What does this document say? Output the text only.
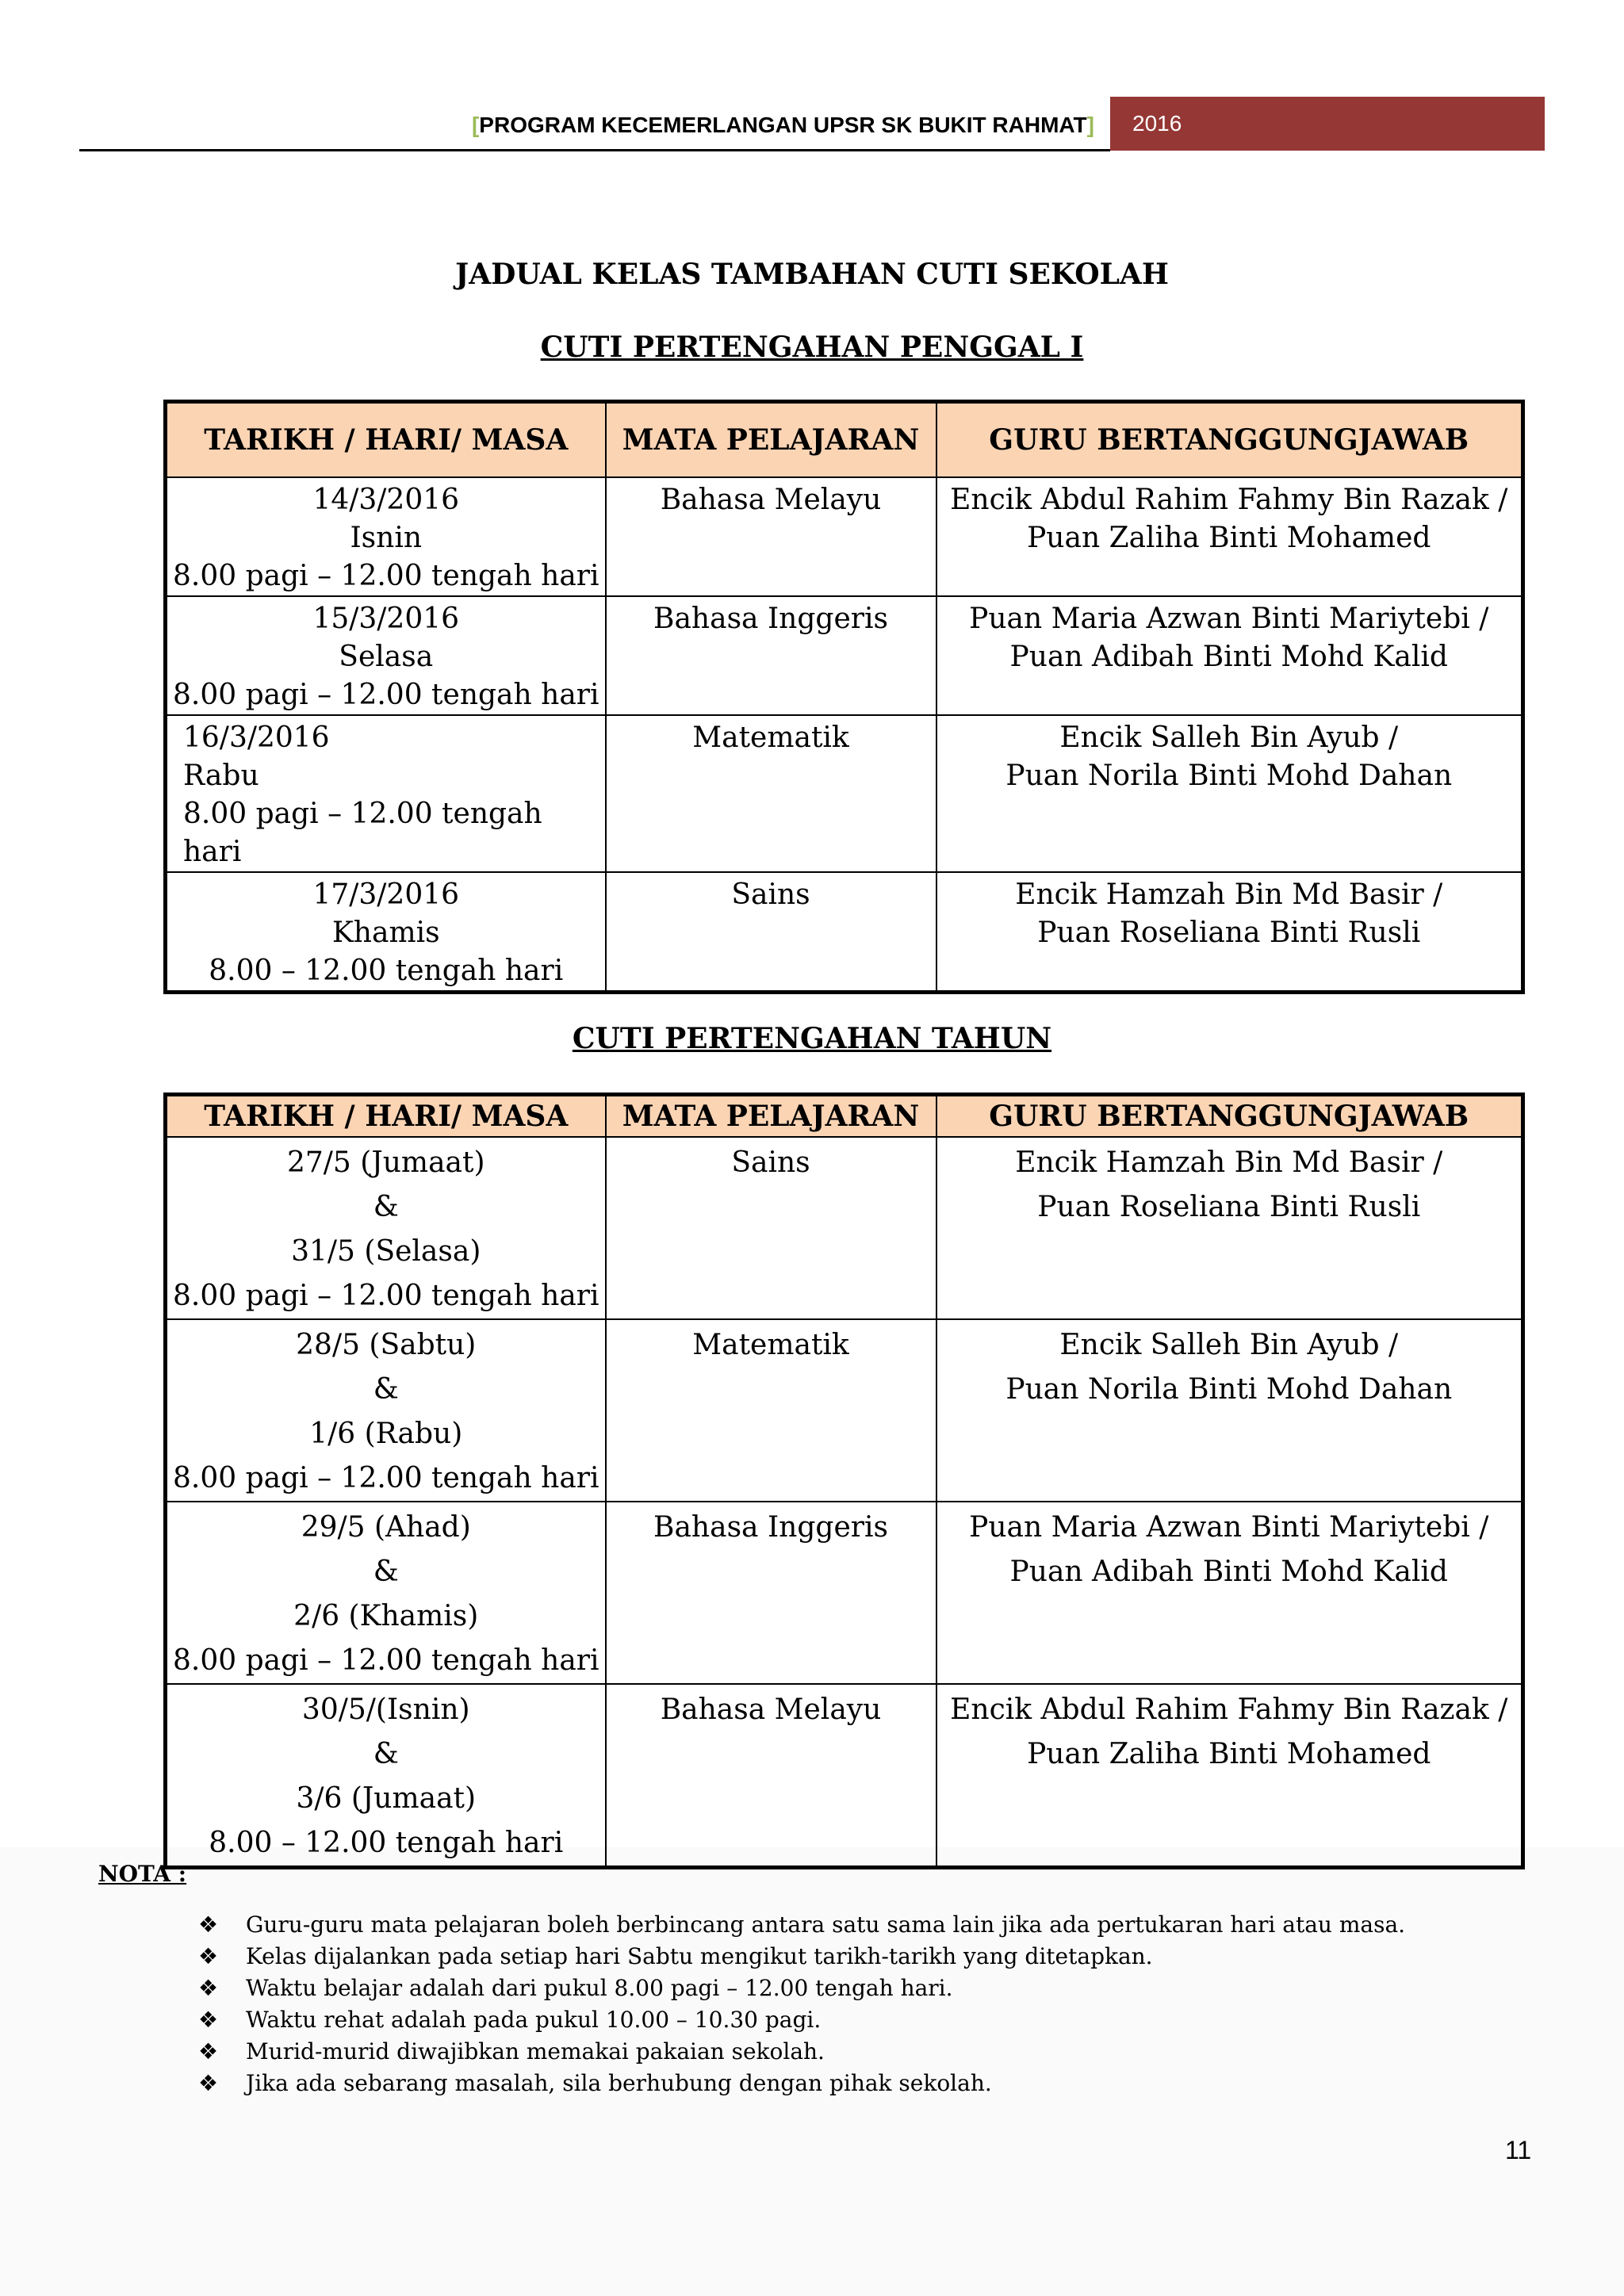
[PROGRAM KECEMERLANGAN UPSR SK BUKIT RAHMAT]	2016
JADUAL KELAS TAMBAHAN CUTI SEKOLAH
CUTI PERTENGAHAN PENGGAL I
TARIKH / HARI/ MASA	MATA PELAJARAN	GURU BERTANGGUNGJAWAB

14/3/2016
Isnin
8.00 pagi – 12.00 tengah hari	Bahasa Melayu	Encik Abdul Rahim Fahmy Bin Razak /
Puan Zaliha Binti Mohamed

15/3/2016
Selasa
8.00 pagi – 12.00 tengah hari	Bahasa Inggeris	Puan Maria Azwan Binti Mariytebi /
Puan Adibah Binti Mohd Kalid

16/3/2016
Rabu
8.00 pagi – 12.00 tengah hari	Matematik	Encik Salleh Bin Ayub /
Puan Norila Binti Mohd Dahan

17/3/2016
Khamis
8.00 – 12.00 tengah hari	Sains	Encik Hamzah Bin Md Basir /
Puan Roseliana Binti Rusli
CUTI PERTENGAHAN TAHUN
TARIKH / HARI/ MASA	MATA PELAJARAN	GURU BERTANGGUNGJAWAB

27/5 (Jumaat)
&
31/5 (Selasa)
8.00 pagi – 12.00 tengah hari	Sains	Encik Hamzah Bin Md Basir /
Puan Roseliana Binti Rusli

28/5 (Sabtu)
&
1/6 (Rabu)
8.00 pagi – 12.00 tengah hari	Matematik	Encik Salleh Bin Ayub /
Puan Norila Binti Mohd Dahan

29/5 (Ahad)
&
2/6 (Khamis)
8.00 pagi – 12.00 tengah hari	Bahasa Inggeris	Puan Maria Azwan Binti Mariytebi /
Puan Adibah Binti Mohd Kalid

30/5/(Isnin)
&
3/6 (Jumaat)
8.00 – 12.00 tengah hari	Bahasa Melayu	Encik Abdul Rahim Fahmy Bin Razak /
Puan Zaliha Binti Mohamed
NOTA :
❖ Guru-guru mata pelajaran boleh berbincang antara satu sama lain jika ada pertukaran hari atau masa.
❖ Kelas dijalankan pada setiap hari Sabtu mengikut tarikh-tarikh yang ditetapkan.
❖ Waktu belajar adalah dari pukul 8.00 pagi – 12.00 tengah hari.
❖ Waktu rehat adalah pada pukul 10.00 – 10.30 pagi.
❖ Murid-murid diwajibkan memakai pakaian sekolah.
❖ Jika ada sebarang masalah, sila berhubung dengan pihak sekolah.
11
